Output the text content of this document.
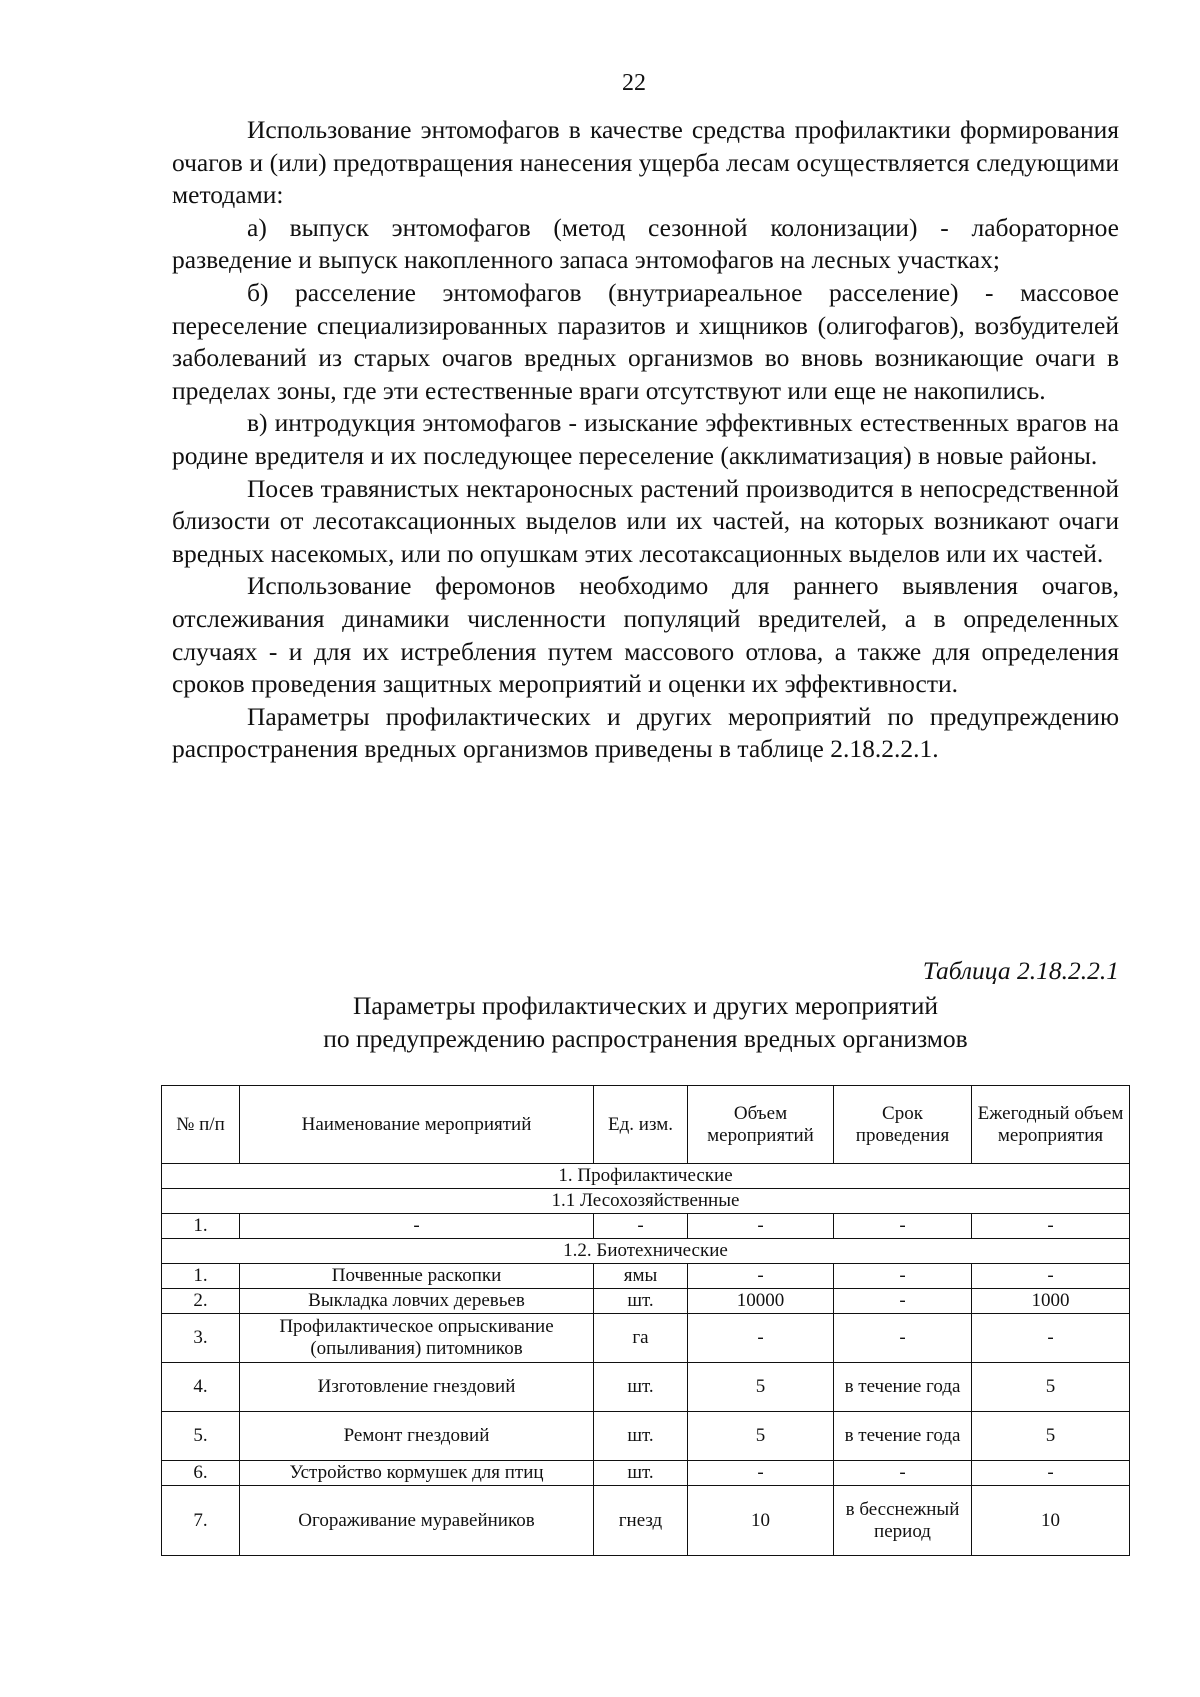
22

Использование энтомофагов в качестве средства профилактики формирования очагов и (или) предотвращения нанесения ущерба лесам осуществляется следующими методами:

а) выпуск энтомофагов (метод сезонной колонизации) - лабораторное разведение и выпуск накопленного запаса энтомофагов на лесных участках;

б) расселение энтомофагов (внутриареальное расселение) - массовое переселение специализированных паразитов и хищников (олигофагов), возбудителей заболеваний из старых очагов вредных организмов во вновь возникающие очаги в пределах зоны, где эти естественные враги отсутствуют или еще не накопились.

в) интродукция энтомофагов - изыскание эффективных естественных врагов на родине вредителя и их последующее переселение (акклиматизация) в новые районы.

Посев травянистых нектароносных растений производится в непосредственной близости от лесотаксационных выделов или их частей, на которых возникают очаги вредных насекомых, или по опушкам этих лесотаксационных выделов или их частей.

Использование феромонов необходимо для раннего выявления очагов, отслеживания динамики численности популяций вредителей, а в определенных случаях - и для их истребления путем массового отлова, а также для определения сроков проведения защитных мероприятий и оценки их эффективности.

Параметры профилактических и других мероприятий по предупреждению распространения вредных организмов приведены в таблице 2.18.2.2.1.

Таблица 2.18.2.2.1
Параметры профилактических и других мероприятий
по предупреждению распространения вредных организмов
№ п/п	Наименование мероприятий	Ед. изм.	Объем мероприятий	Срок проведения	Ежегодный объем мероприятия
1. Профилактические					
1.1 Лесохозяйственные					
1.	-	-	-	-	-
1.2. Биотехнические					
1.	Почвенные раскопки	ямы	-	-	-
2.	Выкладка ловчих деревьев	шт.	10000	-	1000
3.	Профилактическое опрыскивание (опыливания) питомников	га	-	-	-
4.	Изготовление гнездовий	шт.	5	в течение года	5
5.	Ремонт гнездовий	шт.	5	в течение года	5
6.	Устройство кормушек для птиц	шт.	-	-	-
7.	Огораживание муравейников	гнезд	10	в бесснежный период	10
